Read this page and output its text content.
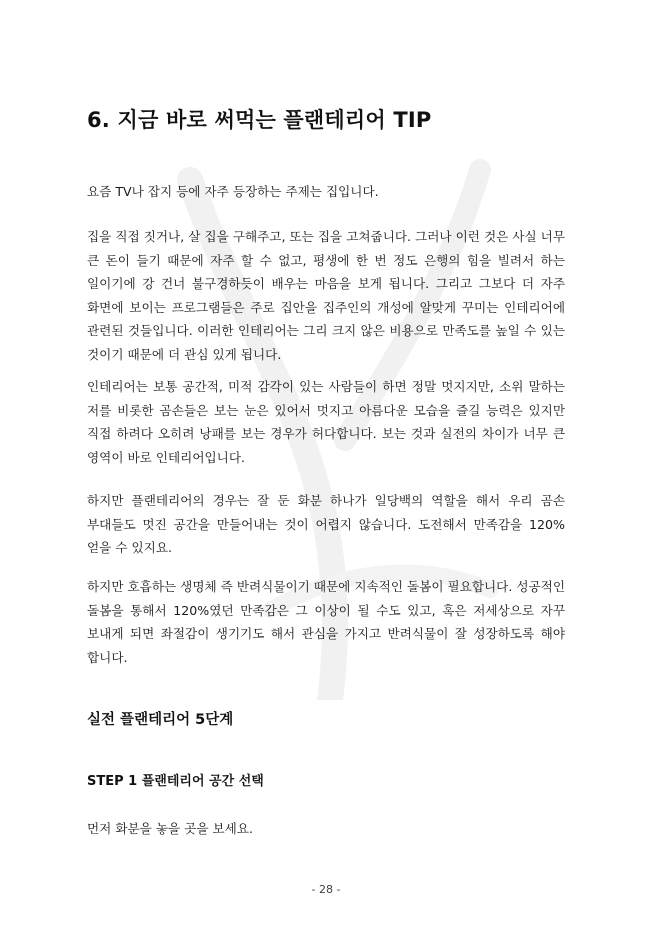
6. 지금 바로 써먹는 플랜테리어 TIP

요즘 TV나 잡지 등에 자주 등장하는 주제는 집입니다.

집을 직접 짓거나, 살 집을 구해주고, 또는 집을 고쳐줍니다. 그러나 이런 것은 사실 너무 큰 돈이 들기 때문에 자주 할 수 없고, 평생에 한 번 정도 은행의 힘을 빌려서 하는 일이기에 강 건너 불구경하듯이 배우는 마음을 보게 됩니다. 그리고 그보다 더 자주 화면에 보이는 프로그램들은 주로 집안을 집주인의 개성에 알맞게 꾸미는 인테리어에 관련된 것들입니다. 이러한 인테리어는 그리 크지 않은 비용으로 만족도를 높일 수 있는 것이기 때문에 더 관심 있게 됩니다.

인테리어는 보통 공간적, 미적 감각이 있는 사람들이 하면 정말 멋지지만, 소위 말하는 저를 비롯한 곰손들은 보는 눈은 있어서 멋지고 아름다운 모습을 즐길 능력은 있지만 직접 하려다 오히려 낭패를 보는 경우가 허다합니다. 보는 것과 실전의 차이가 너무 큰 영역이 바로 인테리어입니다.

하지만 플랜테리어의 경우는 잘 둔 화분 하나가 일당백의 역할을 해서 우리 곰손 부대들도 멋진 공간을 만들어내는 것이 어렵지 않습니다. 도전해서 만족감을 120% 얻을 수 있지요.

하지만 호흡하는 생명체 즉 반려식물이기 때문에 지속적인 돌봄이 필요합니다. 성공적인 돌봄을 통해서 120%였던 만족감은 그 이상이 될 수도 있고, 혹은 저세상으로 자꾸 보내게 되면 좌절감이 생기기도 해서 관심을 가지고 반려식물이 잘 성장하도록 해야 합니다.

실전 플랜테리어 5단계
STEP 1 플랜테리어 공간 선택

먼저 화분을 놓을 곳을 보세요.

- 28 -
